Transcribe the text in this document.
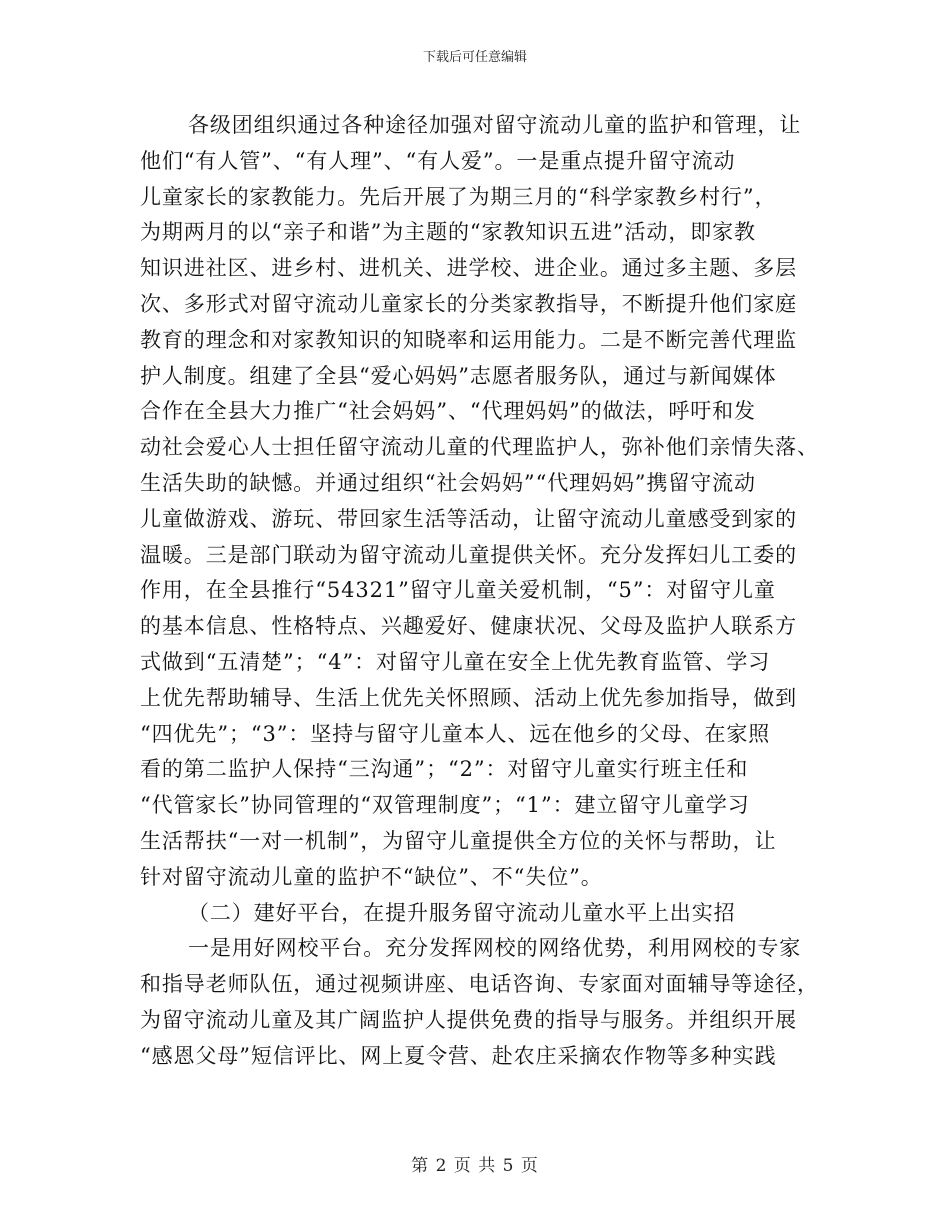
下载后可任意编辑

各级团组织通过各种途径加强对留守流动儿童的监护和管理，让
他们“有人管”、“有人理”、“有人爱”。一是重点提升留守流动
儿童家长的家教能力。先后开展了为期三月的“科学家教乡村行”，
为期两月的以“亲子和谐”为主题的“家教知识五进”活动，即家教
知识进社区、进乡村、进机关、进学校、进企业。通过多主题、多层
次、多形式对留守流动儿童家长的分类家教指导，不断提升他们家庭
教育的理念和对家教知识的知晓率和运用能力。二是不断完善代理监
护人制度。组建了全县“爱心妈妈”志愿者服务队，通过与新闻媒体
合作在全县大力推广“社会妈妈”、“代理妈妈”的做法，呼吁和发
动社会爱心人士担任留守流动儿童的代理监护人，弥补他们亲情失落、
生活失助的缺憾。并通过组织“社会妈妈”“代理妈妈”携留守流动
儿童做游戏、游玩、带回家生活等活动，让留守流动儿童感受到家的
温暖。三是部门联动为留守流动儿童提供关怀。充分发挥妇儿工委的
作用，在全县推行“54321”留守儿童关爱机制，“5”：对留守儿童
的基本信息、性格特点、兴趣爱好、健康状况、父母及监护人联系方
式做到“五清楚”；“4”：对留守儿童在安全上优先教育监管、学习
上优先帮助辅导、生活上优先关怀照顾、活动上优先参加指导，做到
“四优先”；“3”：坚持与留守儿童本人、远在他乡的父母、在家照
看的第二监护人保持“三沟通”；“2”：对留守儿童实行班主任和
“代管家长”协同管理的“双管理制度”；“1”：建立留守儿童学习
生活帮扶“一对一机制”，为留守儿童提供全方位的关怀与帮助，让
针对留守流动儿童的监护不“缺位”、不“失位”。

（二）建好平台，在提升服务留守流动儿童水平上出实招

一是用好网校平台。充分发挥网校的网络优势，利用网校的专家
和指导老师队伍，通过视频讲座、电话咨询、专家面对面辅导等途径，
为留守流动儿童及其广阔监护人提供免费的指导与服务。并组织开展
“感恩父母”短信评比、网上夏令营、赴农庄采摘农作物等多种实践

第 2 页 共 5 页
